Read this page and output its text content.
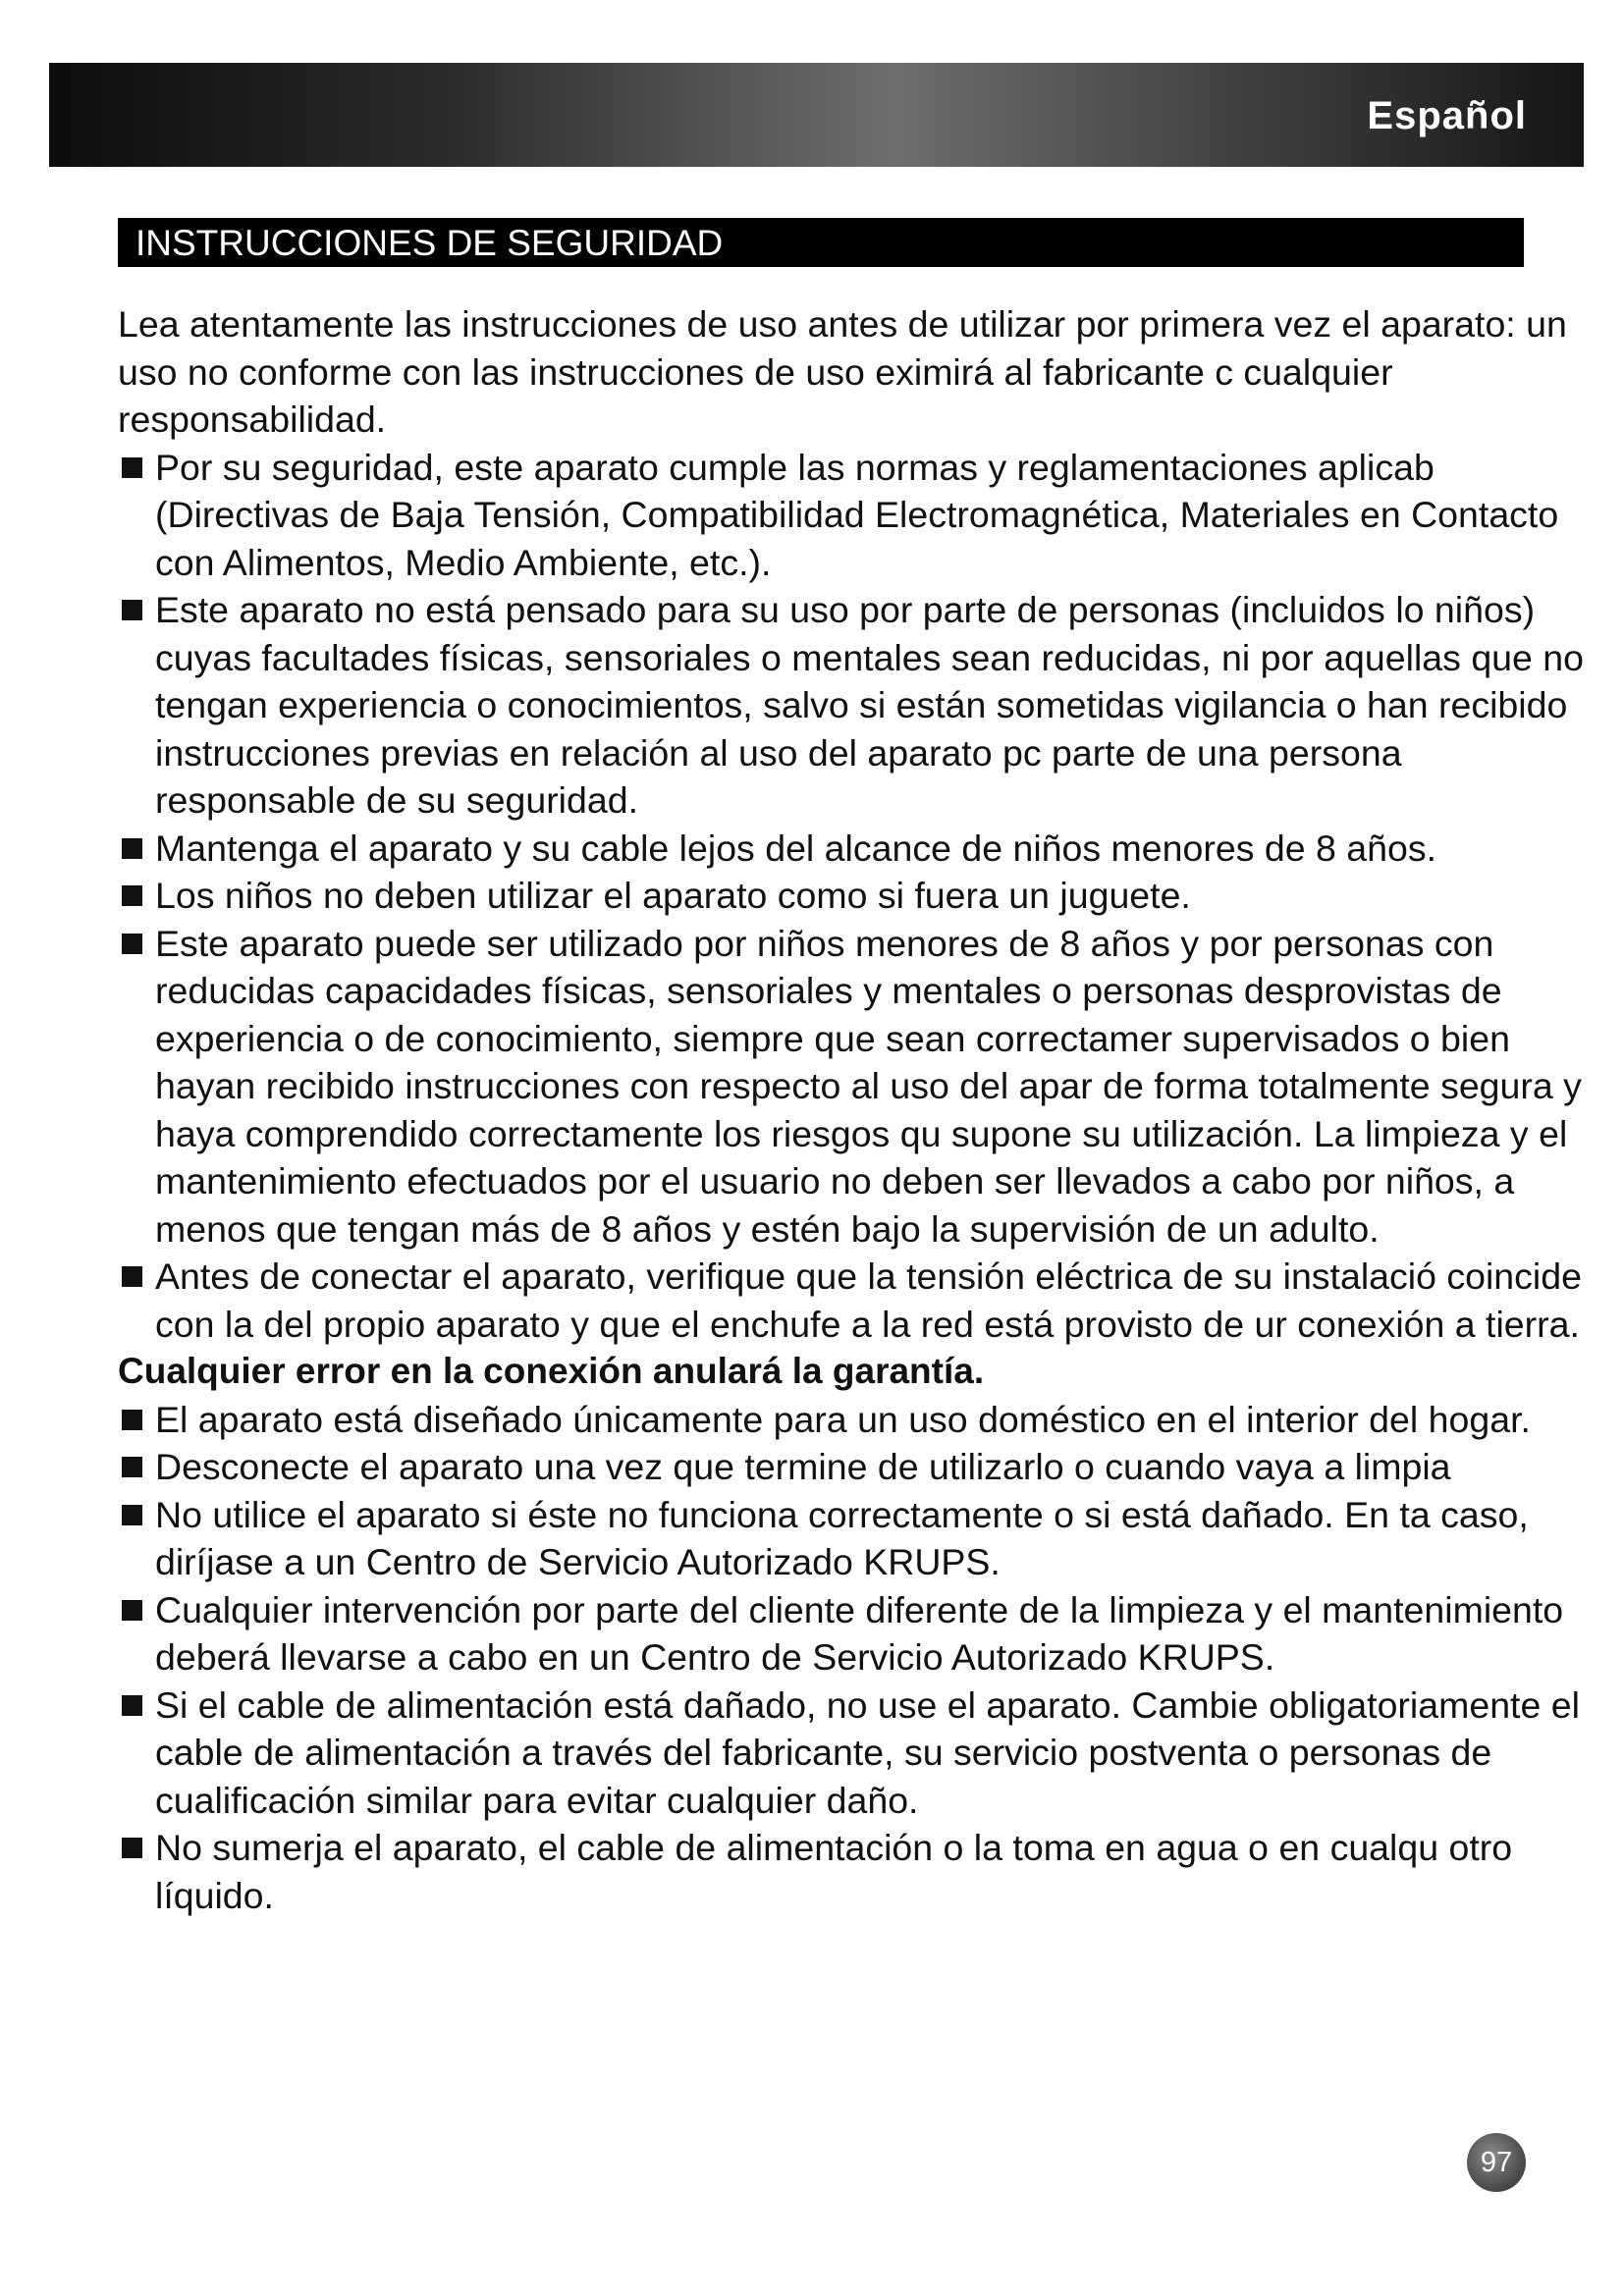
Español
INSTRUCCIONES DE SEGURIDAD

Lea atentamente las instrucciones de uso antes de utilizar por primera vez el aparato: un uso no conforme con las instrucciones de uso eximirá al fabricante c cualquier responsabilidad.

Por su seguridad, este aparato cumple las normas y reglamentaciones aplicab (Directivas de Baja Tensión, Compatibilidad Electromagnética, Materiales en Contacto con Alimentos, Medio Ambiente, etc.).
Este aparato no está pensado para su uso por parte de personas (incluidos lo niños) cuyas facultades físicas, sensoriales o mentales sean reducidas, ni por aquellas que no tengan experiencia o conocimientos, salvo si están sometidas vigilancia o han recibido instrucciones previas en relación al uso del aparato pc parte de una persona responsable de su seguridad.
Mantenga el aparato y su cable lejos del alcance de niños menores de 8 años.
Los niños no deben utilizar el aparato como si fuera un juguete.
Este aparato puede ser utilizado por niños menores de 8 años y por personas con reducidas capacidades físicas, sensoriales y mentales o personas desprovistas de experiencia o de conocimiento, siempre que sean correctamer supervisados o bien hayan recibido instrucciones con respecto al uso del apar de forma totalmente segura y haya comprendido correctamente los riesgos qu supone su utilización. La limpieza y el mantenimiento efectuados por el usuario no deben ser llevados a cabo por niños, a menos que tengan más de 8 años y estén bajo la supervisión de un adulto.
Antes de conectar el aparato, verifique que la tensión eléctrica de su instalació coincide con la del propio aparato y que el enchufe a la red está provisto de ur conexión a tierra.

Cualquier error en la conexión anulará la garantía.

El aparato está diseñado únicamente para un uso doméstico en el interior del hogar.
Desconecte el aparato una vez que termine de utilizarlo o cuando vaya a limpia
No utilice el aparato si éste no funciona correctamente o si está dañado. En ta caso, diríjase a un Centro de Servicio Autorizado KRUPS.
Cualquier intervención por parte del cliente diferente de la limpieza y el mantenimiento deberá llevarse a cabo en un Centro de Servicio Autorizado KRUPS.
Si el cable de alimentación está dañado, no use el aparato. Cambie obligatoriamente el cable de alimentación a través del fabricante, su servicio postventa o personas de cualificación similar para evitar cualquier daño.
No sumerja el aparato, el cable de alimentación o la toma en agua o en cualqu otro líquido.
97
